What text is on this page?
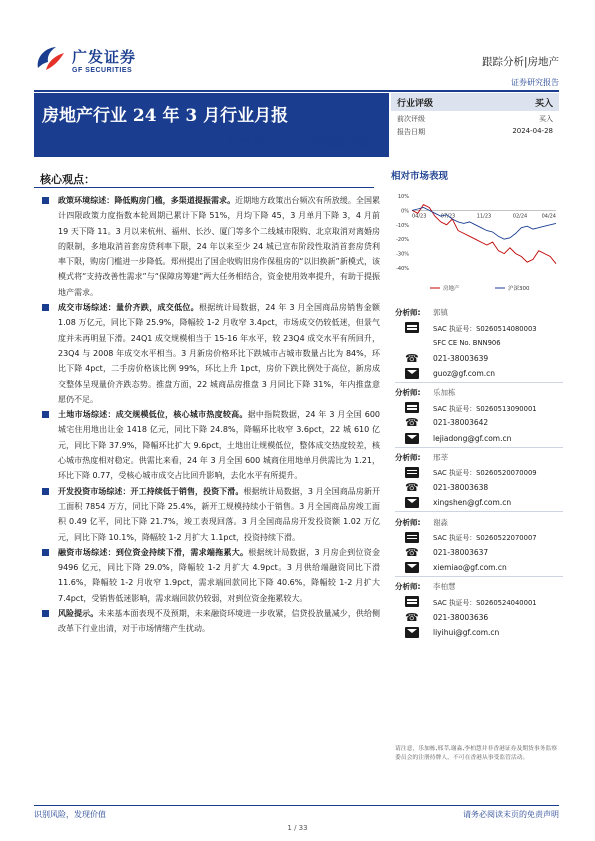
广发证券
GF SECURITIES
跟踪分析|房地产
证券研究报告
房地产行业 24 年 3 月行业月报
景气度低位，多渠道提振需求
行业评级	买入
前次评级	买入
报告日期	2024-04-28
核心观点：	相对市场表现
政策环境综述：降低购房门槛，多渠道提振需求。近期地方政策出台频次有所放缓。全国累计四限政策力度指数本轮周期已累计下降 51%，月均下降 45，3 月单月下降 3，4 月前 19 天下降 11。3 月以来杭州、福州、长沙、厦门等多个二线城市限购、北京取消对离婚房的限制，多地取消首套房贷利率下限，24 年以来至少 24 城已宣布阶段性取消首套房贷利率下限，购房门槛进一步降低。郑州提出了国企收购旧房作保租房的“以旧换新”新模式，该模式将“支持改善性需求”与“保障房筹建”两大任务相结合，资金使用效率提升，有助于提振地产需求。
成交市场综述：量价齐跌，成交低位。根据统计局数据，24 年 3 月全国商品房销售金额 1.08 万亿元，同比下降 25.9%，降幅较 1-2 月收窄 3.4pct，市场成交仍较低迷，但景气度并未再明显下滑。24Q1 成交规模相当于 15-16 年水平，较 23Q4 成交水平有所回升，23Q4 与 2008 年成交水平相当。3 月新房价格环比下跌城市占城市数量占比为 84%，环比下降 4pct，二手房价格该比例 99%，环比上升 1pct，房价下跌比例处于高位，新房成交整体呈现量价齐跌态势。推盘方面，22 城商品房推盘 3 月同比下降 31%，年内推盘意愿仍不足。
土地市场综述：成交规模低位，核心城市热度较高。据中指院数据，24 年 3 月全国 600 城宅住用地出让金 1418 亿元，同比下降 24.8%，降幅环比收窄 3.6pct，22 城 610 亿元，同比下降 37.9%，降幅环比扩大 9.6pct，土地出让规模低位，整体成交热度较差，核心城市热度相对稳定。供需比来看，24 年 3 月全国 600 城商住用地单月供需比为 1.21，环比下降 0.77，受核心城市成交占比回升影响，去化水平有所提升。
开发投资市场综述：开工持续低于销售，投资下滑。根据统计局数据，3 月全国商品房新开工面积 7854 万方，同比下降 25.4%，新开工规模持续小于销售。3 月全国商品房竣工面积 0.49 亿平，同比下降 21.7%，竣工表现回落。3 月全国商品房开发投资额 1.02 万亿元，同比下降 10.1%，降幅较 1-2 月扩大 1.1pct，投资持续下滑。
融资市场综述：到位资金持续下滑，需求端拖累大。根据统计局数据，3 月房企到位资金 9496 亿元，同比下降 29.0%，降幅较 1-2 月扩大 4.9pct。3 月供给端融资同比下滑 11.6%，降幅较 1-2 月收窄 1.9pct，需求端回款同比下降 40.6%，降幅较 1-2 月扩大 7.4pct，受销售低迷影响，需求端回款仍较弱，对到位资金拖累较大。
风险提示。未来基本面表现不及预期，未来融资环境进一步收紧，信贷投放量减少，供给侧改革下行业出清，对于市场情绪产生扰动。
10%
0%
-10%
-20%
-30%
-40%
04/23	07/23	11/23	02/24	04/24
房地产	沪深300
分析师:	郭镇
SAC 执证号：S0260514080003
SFC CE No. BNN906
☎ 021-38003639
guoz@gf.com.cn
分析师:	乐加栋
SAC 执证号：S0260513090001
☎ 021-38003642
lejiadong@gf.com.cn
分析师:	邢莘
SAC 执证号：S0260520070009
☎ 021-38003638
xingshen@gf.com.cn
分析师:	谢淼
SAC 执证号：S0260522070007
☎ 021-38003637
xiemiao@gf.com.cn
分析师:	李柏慧
SAC 执证号：S0260524040001
☎ 021-38003636
liyihui@gf.com.cn
请注意，乐加栋,邢莘,谢淼,李柏慧并非香港证券及期货事务监察委员会的注册持牌人，不可在香港从事受监管活动。
识别风险，发现价值	请务必阅读末页的免责声明
1 / 33
